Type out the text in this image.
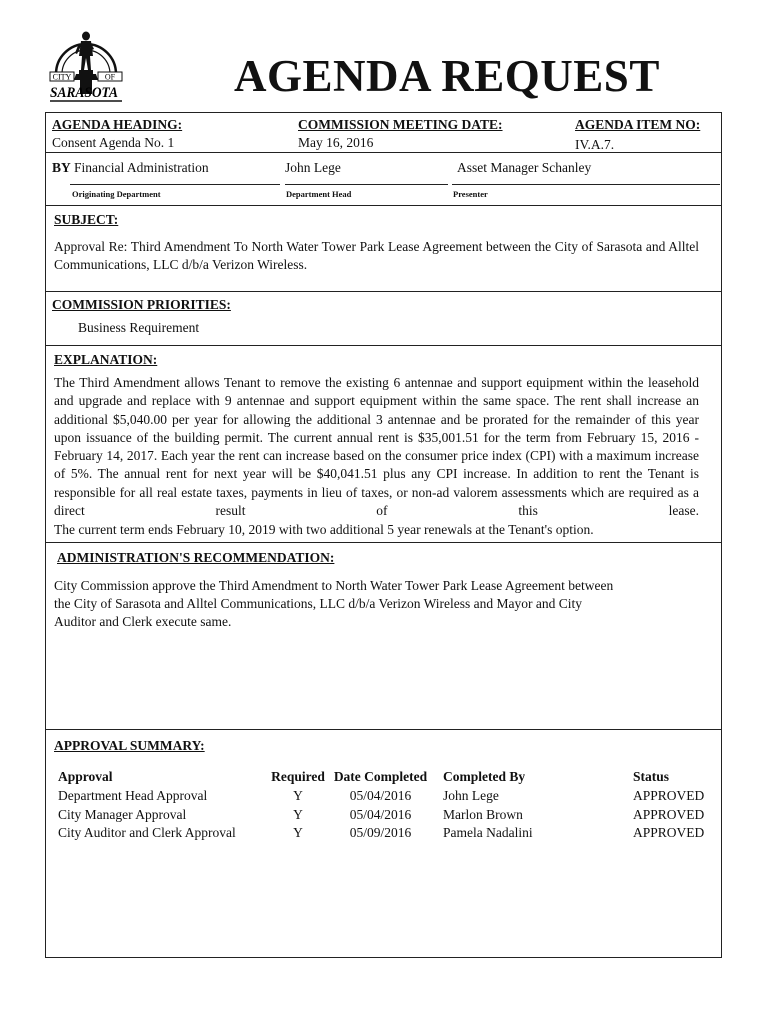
CITY	OF
SARASOTA	AGENDA REQUEST
AGENDA HEADING:
Consent Agenda No. 1
COMMISSION MEETING DATE:
May 16, 2016
AGENDA ITEM NO:
IV.A.7.
BY Financial Administration	John Lege	Asset Manager Schanley
Originating Department	Department Head	Presenter
SUBJECT:
Approval Re: Third Amendment To North Water Tower Park Lease Agreement between the City of Sarasota and Alltel Communications, LLC d/b/a Verizon Wireless.
COMMISSION PRIORITIES:
Business Requirement
EXPLANATION:
The Third Amendment allows Tenant to remove the existing 6 antennae and support equipment within the leasehold and upgrade and replace with 9 antennae and support equipment within the same space. The rent shall increase an additional $5,040.00 per year for allowing the additional 3 antennae and be prorated for the remainder of this year upon issuance of the building permit. The current annual rent is $35,001.51 for the term from February 15, 2016 - February 14, 2017. Each year the rent can increase based on the consumer price index (CPI) with a maximum increase of 5%. The annual rent for next year will be $40,041.51 plus any CPI increase. In addition to rent the Tenant is responsible for all real estate taxes, payments in lieu of taxes, or non-ad valorem assessments which are required as a direct result of this lease.
The current term ends February 10, 2019 with two additional 5 year renewals at the Tenant's option.
ADMINISTRATION'S RECOMMENDATION:
City Commission approve the Third Amendment to North Water Tower Park Lease Agreement between
the City of Sarasota and Alltel Communications, LLC d/b/a Verizon Wireless and Mayor and City
Auditor and Clerk execute same.
APPROVAL SUMMARY:
Approval	Required	Date Completed	Completed By	Status
Department Head Approval	Y	05/04/2016	John Lege	APPROVED
City Manager Approval	Y	05/04/2016	Marlon Brown	APPROVED
City Auditor and Clerk Approval	Y	05/09/2016	Pamela Nadalini	APPROVED
